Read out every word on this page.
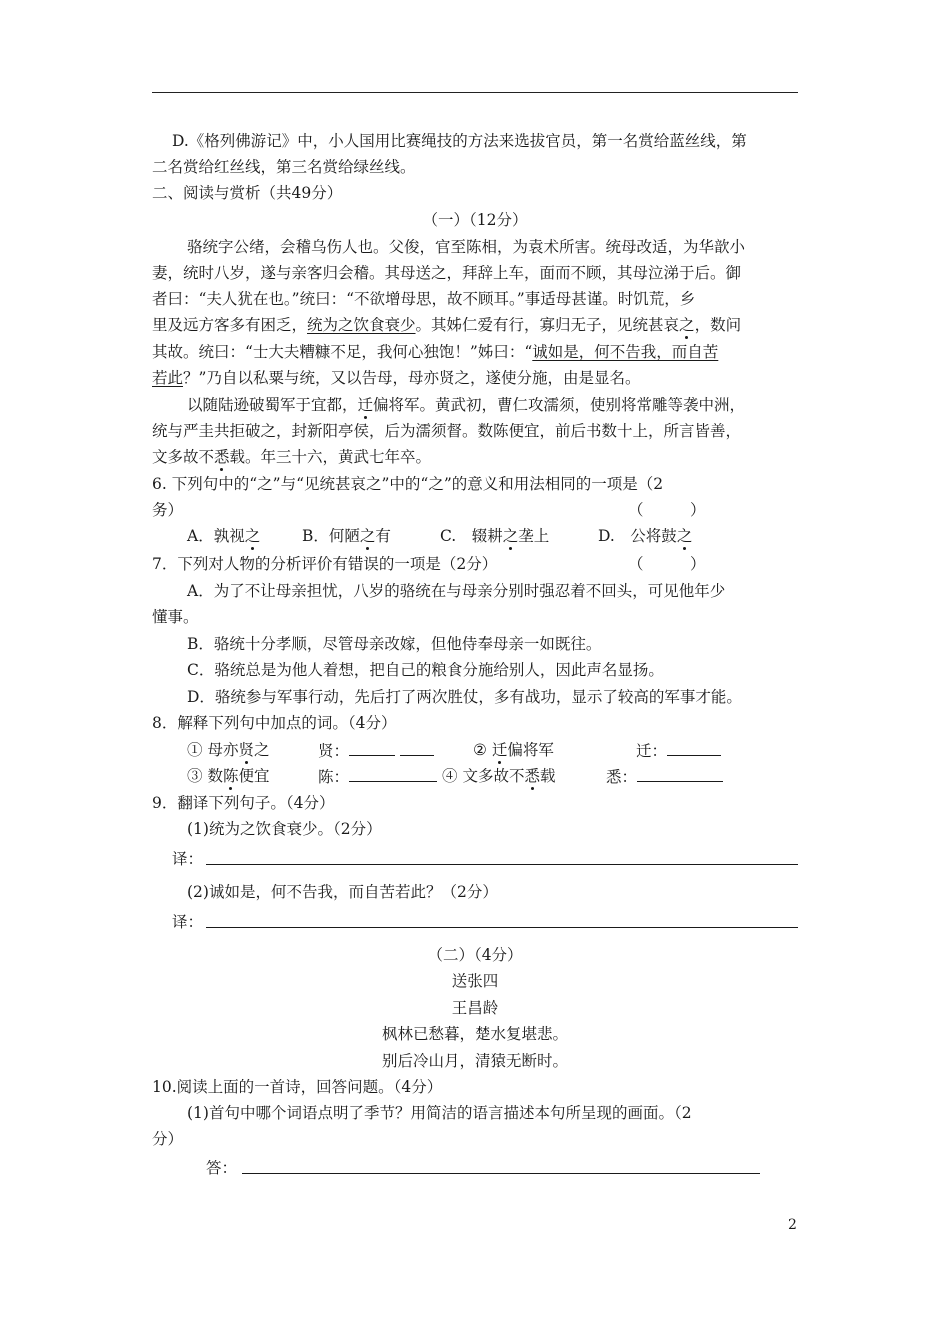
D.《格列佛游记》中，小人国用比赛绳技的方法来选拔官员，第一名赏给蓝丝线，第
二名赏给红丝线，第三名赏给绿丝线。
二、阅读与赏析（共49分）
（一）（12分）
骆统字公绪，会稽乌伤人也。父俊，官至陈相，为袁术所害。统母改适，为华歆小
妻，统时八岁，遂与亲客归会稽。其母送之，拜辞上车，面而不顾，其母泣涕于后。御
者曰：“夫人犹在也。”统曰：“不欲增母思，故不顾耳。”事适母甚谨。时饥荒，乡
里及远方客多有困乏，统为之饮食衰少。其姊仁爱有行，寡归无子，见统甚哀之，数问
其故。统曰：“士大夫糟糠不足，我何心独饱！”姊曰：“诚如是，何不告我，而自苦
若此？”乃自以私粟与统，又以告母，母亦贤之，遂使分施，由是显名。
以随陆逊破蜀军于宜都，迁偏将军。黄武初，曹仁攻濡须，使别将常雕等袭中洲，
统与严圭共拒破之，封新阳亭侯，后为濡须督。数陈便宜，前后书数十上，所言皆善，
文多故不悉载。年三十六，黄武七年卒。
6. 下列句中的“之”与“见统甚哀之”中的“之”的意义和用法相同的一项是（2
务）	（　　　）
A．孰视之	B．何陋之有	C.　辍耕之垄上	D.　公将鼓之
7．下列对人物的分析评价有错误的一项是（2分）	（　　　）
A．为了不让母亲担忧，八岁的骆统在与母亲分别时强忍着不回头，可见他年少
懂事。
B．骆统十分孝顺，尽管母亲改嫁，但他侍奉母亲一如既往。
C．骆统总是为他人着想，把自己的粮食分施给别人，因此声名显扬。
D．骆统参与军事行动，先后打了两次胜仗，多有战功，显示了较高的军事才能。
8．解释下列句中加点的词。（4分）
① 母亦贤之	贤：	② 迁偏将军	迁：
③ 数陈便宜	陈：	④ 文多故不悉载	悉：
9．翻译下列句子。（4分）
(1)统为之饮食衰少。（2分）
译：
(2)诚如是，何不告我，而自苦若此？（2分）
译：
（二）（4分）
送张四
王昌龄
枫林已愁暮，楚水复堪悲。
别后冷山月，清猿无断时。
10.阅读上面的一首诗，回答问题。（4分）
(1)首句中哪个词语点明了季节？用简洁的语言描述本句所呈现的画面。（2
分）
答：
2
